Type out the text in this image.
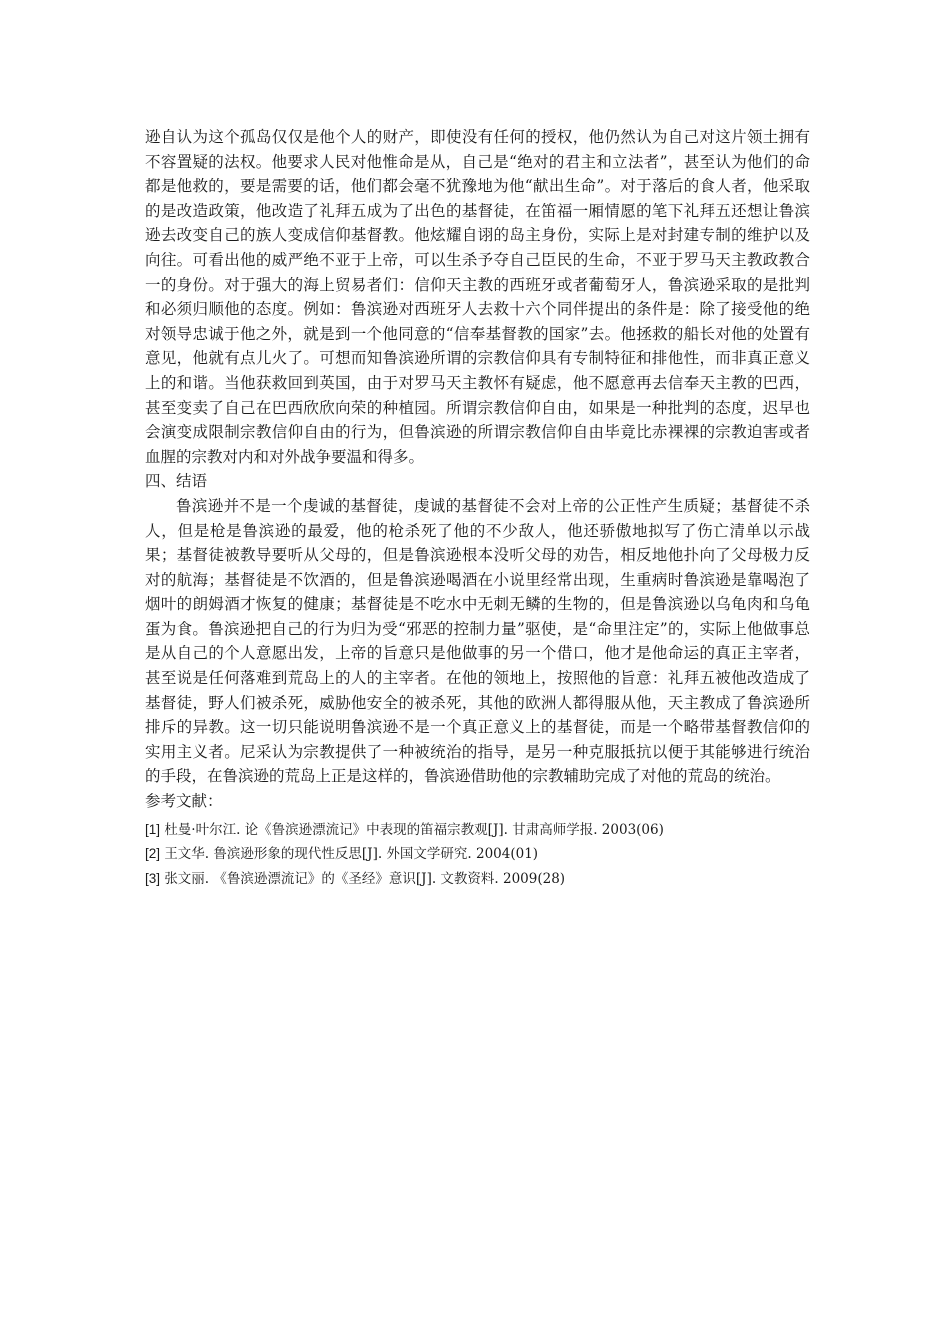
逊自认为这个孤岛仅仅是他个人的财产，即使没有任何的授权，他仍然认为自己对这片领土拥有不容置疑的法权。他要求人民对他惟命是从，自己是“绝对的君主和立法者”，甚至认为他们的命都是他救的，要是需要的话，他们都会毫不犹豫地为他“献出生命”。对于落后的食人者，他采取的是改造政策，他改造了礼拜五成为了出色的基督徒，在笛福一厢情愿的笔下礼拜五还想让鲁滨逊去改变自己的族人变成信仰基督教。他炫耀自诩的岛主身份，实际上是对封建专制的维护以及向往。可看出他的威严绝不亚于上帝，可以生杀予夺自己臣民的生命，不亚于罗马天主教政教合一的身份。对于强大的海上贸易者们：信仰天主教的西班牙或者葡萄牙人，鲁滨逊采取的是批判和必须归顺他的态度。例如：鲁滨逊对西班牙人去救十六个同伴提出的条件是：除了接受他的绝对领导忠诚于他之外，就是到一个他同意的“信奉基督教的国家”去。他拯救的船长对他的处置有意见，他就有点儿火了。可想而知鲁滨逊所谓的宗教信仰具有专制特征和排他性，而非真正意义上的和谐。当他获救回到英国，由于对罗马天主教怀有疑虑，他不愿意再去信奉天主教的巴西，甚至变卖了自己在巴西欣欣向荣的种植园。所谓宗教信仰自由，如果是一种批判的态度，迟早也会演变成限制宗教信仰自由的行为，但鲁滨逊的所谓宗教信仰自由毕竟比赤裸裸的宗教迫害或者血腥的宗教对内和对外战争要温和得多。

四、结语

鲁滨逊并不是一个虔诚的基督徒，虔诚的基督徒不会对上帝的公正性产生质疑；基督徒不杀人，但是枪是鲁滨逊的最爱，他的枪杀死了他的不少敌人，他还骄傲地拟写了伤亡清单以示战果；基督徒被教导要听从父母的，但是鲁滨逊根本没听父母的劝告，相反地他扑向了父母极力反对的航海；基督徒是不饮酒的，但是鲁滨逊喝酒在小说里经常出现，生重病时鲁滨逊是靠喝泡了烟叶的朗姆酒才恢复的健康；基督徒是不吃水中无刺无鳞的生物的，但是鲁滨逊以乌龟肉和乌龟蛋为食。鲁滨逊把自己的行为归为受“邪恶的控制力量”驱使，是“命里注定”的，实际上他做事总是从自己的个人意愿出发，上帝的旨意只是他做事的另一个借口，他才是他命运的真正主宰者，甚至说是任何落难到荒岛上的人的主宰者。在他的领地上，按照他的旨意：礼拜五被他改造成了基督徒，野人们被杀死，威胁他安全的被杀死，其他的欧洲人都得服从他，天主教成了鲁滨逊所排斥的异教。这一切只能说明鲁滨逊不是一个真正意义上的基督徒，而是一个略带基督教信仰的实用主义者。尼采认为宗教提供了一种被统治的指导，是另一种克服抵抗以便于其能够进行统治的手段，在鲁滨逊的荒岛上正是这样的，鲁滨逊借助他的宗教辅助完成了对他的荒岛的统治。

参考文献：

[1] 杜曼·叶尔江. 论《鲁滨逊漂流记》中表现的笛福宗教观[J]. 甘肃高师学报. 2003(06)
[2] 王文华. 鲁滨逊形象的现代性反思[J]. 外国文学研究. 2004(01)
[3] 张文丽. 《鲁滨逊漂流记》的《圣经》意识[J]. 文教资料. 2009(28)
